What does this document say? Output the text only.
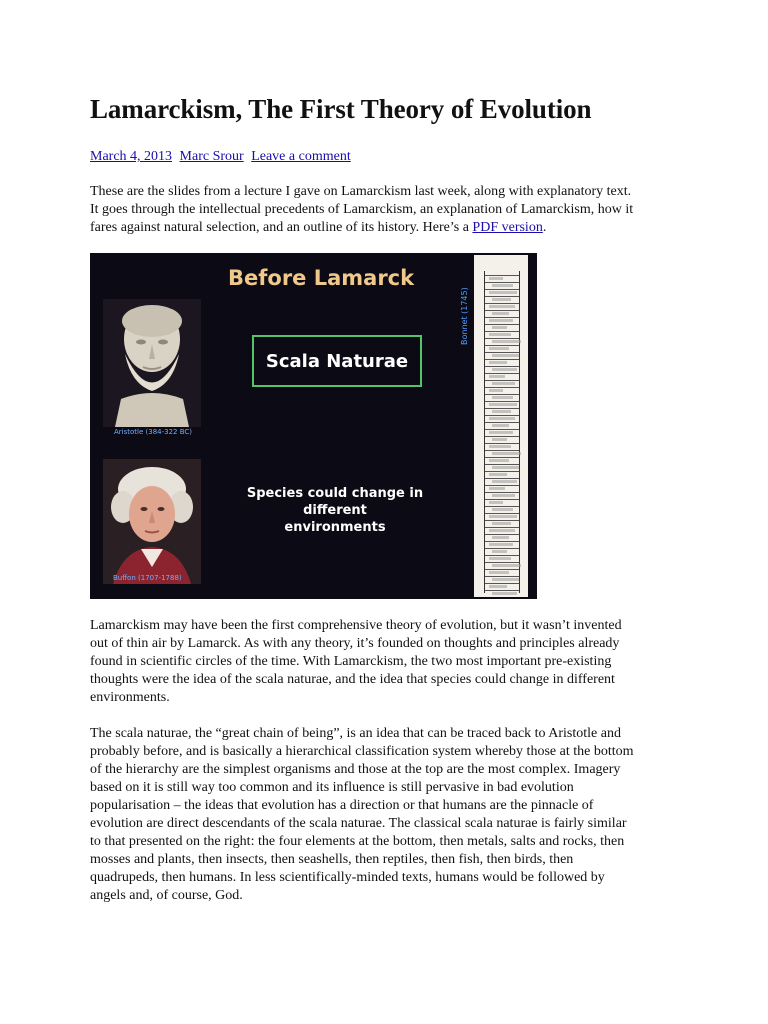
Lamarckism, The First Theory of Evolution
March 4, 2013 Marc Srour Leave a comment
These are the slides from a lecture I gave on Lamarckism last week, along with explanatory text.
It goes through the intellectual precedents of Lamarckism, an explanation of Lamarckism, how it
fares against natural selection, and an outline of its history. Here’s a PDF version.
Before Lamarck
Aristotle (384-322 BC)
Scala Naturae
Buffon (1707-1788)
Species could change in different
environments
Bonnet (1745)
Lamarckism may have been the first comprehensive theory of evolution, but it wasn’t invented
out of thin air by Lamarck. As with any theory, it’s founded on thoughts and principles already
found in scientific circles of the time. With Lamarckism, the two most important pre-existing
thoughts were the idea of the scala naturae, and the idea that species could change in different
environments.
The scala naturae, the “great chain of being”, is an idea that can be traced back to Aristotle and
probably before, and is basically a hierarchical classification system whereby those at the bottom
of the hierarchy are the simplest organisms and those at the top are the most complex. Imagery
based on it is still way too common and its influence is still pervasive in bad evolution
popularisation – the ideas that evolution has a direction or that humans are the pinnacle of
evolution are direct descendants of the scala naturae. The classical scala naturae is fairly similar
to that presented on the right: the four elements at the bottom, then metals, salts and rocks, then
mosses and plants, then insects, then seashells, then reptiles, then fish, then birds, then
quadrupeds, then humans. In less scientifically-minded texts, humans would be followed by
angels and, of course, God.
